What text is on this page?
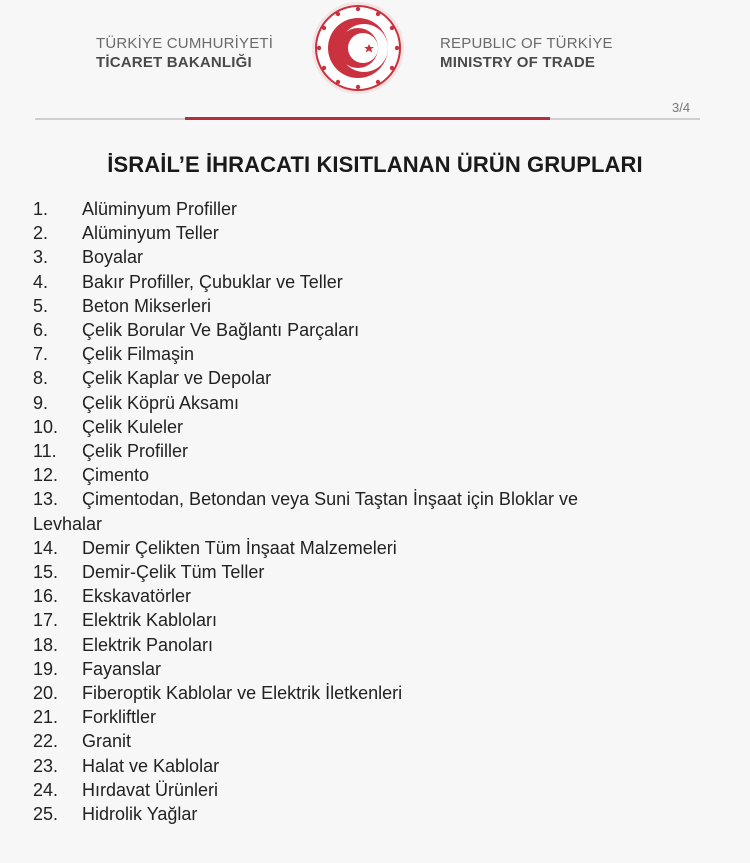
TÜRKİYE CUMHURİYETİ
TİCARET BAKANLIĞI
REPUBLIC OF TÜRKİYE
MINISTRY OF TRADE
3/4
İSRAİL’E İHRACATI KISITLANAN ÜRÜN GRUPLARI
1. Alüminyum Profiller
2. Alüminyum Teller
3. Boyalar
4. Bakır Profiller, Çubuklar ve Teller
5. Beton Mikserleri
6. Çelik Borular Ve Bağlantı Parçaları
7. Çelik Filmaşin
8. Çelik Kaplar ve Depolar
9. Çelik Köprü Aksamı
10. Çelik Kuleler
11. Çelik Profiller
12. Çimento
13. Çimentodan, Betondan veya Suni Taştan İnşaat için Bloklar ve
Levhalar
14. Demir Çelikten Tüm İnşaat Malzemeleri
15. Demir-Çelik Tüm Teller
16. Ekskavatörler
17. Elektrik Kabloları
18. Elektrik Panoları
19. Fayanslar
20. Fiberoptik Kablolar ve Elektrik İletkenleri
21. Forkliftler
22. Granit
23. Halat ve Kablolar
24. Hırdavat Ürünleri
25. Hidrolik Yağlar
